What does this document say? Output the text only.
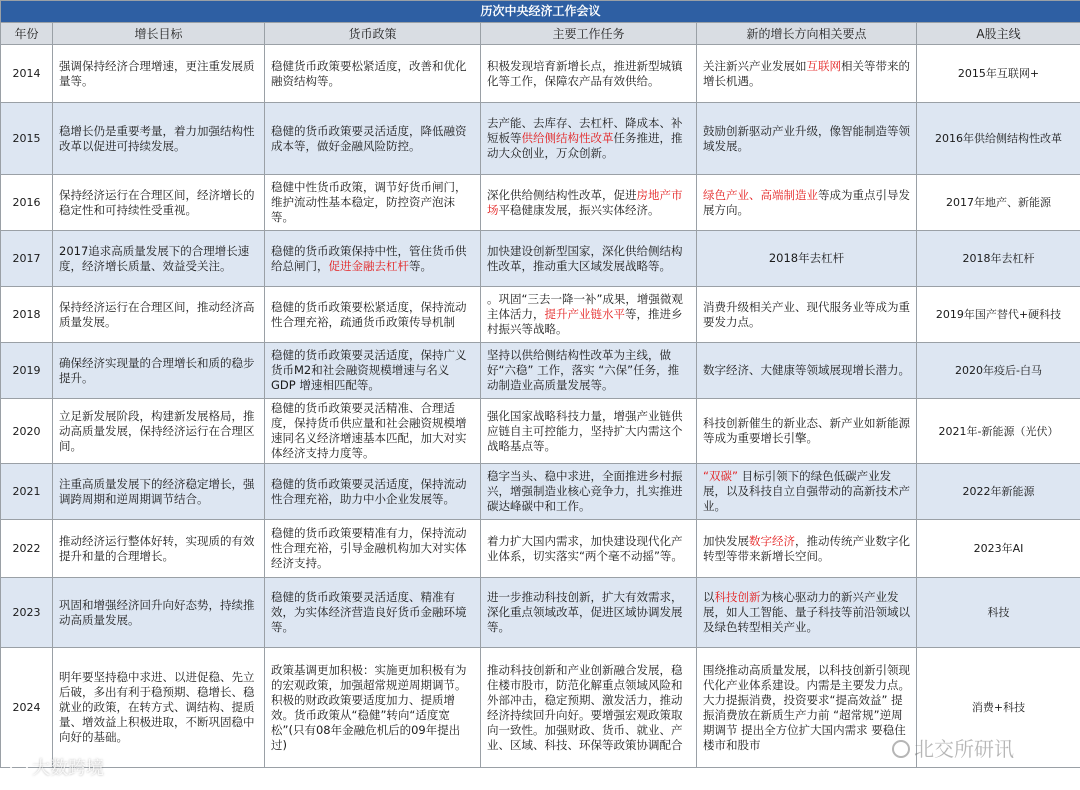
历次中央经济工作会议					
年份	增长目标	货币政策	主要工作任务	新的增长方向相关要点	A股主线
2014	强调保持经济合理增速，更注重发展质量等。	稳健货币政策要松紧适度，改善和优化融资结构等。	积极发现培育新增长点，推进新型城镇化等工作，保障农产品有效供给。	关注新兴产业发展如互联网相关等带来的增长机遇。	2015年互联网+
2015	稳增长仍是重要考量，着力加强结构性改革以促进可持续发展。	稳健的货币政策要灵活适度，降低融资成本等，做好金融风险防控。	去产能、去库存、去杠杆、降成本、补短板等供给侧结构性改革任务推进，推动大众创业，万众创新。	鼓励创新驱动产业升级，像智能制造等领域发展。	2016年供给侧结构性改革
2016	保持经济运行在合理区间，经济增长的稳定性和可持续性受重视。	稳健中性货币政策，调节好货币闸门，维护流动性基本稳定，防控资产泡沫等。	深化供给侧结构性改革，促进房地产市场平稳健康发展，振兴实体经济。	绿色产业、高端制造业等成为重点引导发展方向。	2017年地产、新能源
2017	2017追求高质量发展下的合理增长速度，经济增长质量、效益受关注。	稳健的货币政策保持中性，管住货币供给总闸门，促进金融去杠杆等。	加快建设创新型国家，深化供给侧结构性改革，推动重大区域发展战略等。	2018年去杠杆	2018年去杠杆
2018	保持经济运行在合理区间，推动经济高质量发展。	稳健的货币政策要松紧适度，保持流动性合理充裕，疏通货币政策传导机制	。巩固“三去一降一补”成果，增强微观主体活力，提升产业链水平等，推进乡村振兴等战略。	消费升级相关产业、现代服务业等成为重要发力点。	2019年国产替代+硬科技
2019	确保经济实现量的合理增长和质的稳步提升。	稳健的货币政策要灵活适度，保持广义货币M2和社会融资规模增速与名义 GDP 增速相匹配等。	坚持以供给侧结构性改革为主线，做好“六稳” 工作，落实 “六保”任务，推动制造业高质量发展等。	数字经济、大健康等领域展现增长潜力。	2020年疫后-白马
2020	立足新发展阶段，构建新发展格局，推动高质量发展，保持经济运行在合理区间。	稳健的货币政策要灵活精准、合理适度，保持货币供应量和社会融资规模增速同名义经济增速基本匹配，加大对实体经济支持力度等。	强化国家战略科技力量，增强产业链供应链自主可控能力，坚持扩大内需这个战略基点等。	科技创新催生的新业态、新产业如新能源等成为重要增长引擎。	2021年-新能源（光伏）
2021	注重高质量发展下的经济稳定增长，强调跨周期和逆周期调节结合。	稳健的货币政策要灵活适度，保持流动性合理充裕，助力中小企业发展等。	稳字当头、稳中求进，全面推进乡村振兴，增强制造业核心竞争力，扎实推进碳达峰碳中和工作。	“双碳” 目标引领下的绿色低碳产业发展，以及科技自立自强带动的高新技术产业。	2022年新能源
2022	推动经济运行整体好转，实现质的有效提升和量的合理增长。	稳健的货币政策要精准有力，保持流动性合理充裕，引导金融机构加大对实体经济支持。	着力扩大国内需求，加快建设现代化产业体系，切实落实“两个毫不动摇”等。	加快发展数字经济，推动传统产业数字化转型等带来新增长空间。	2023年AI
2023	巩固和增强经济回升向好态势，持续推动高质量发展。	稳健的货币政策要灵活适度、精准有效，为实体经济营造良好货币金融环境等。	进一步推动科技创新，扩大有效需求，深化重点领域改革，促进区域协调发展等。	以科技创新为核心驱动力的新兴产业发展，如人工智能、量子科技等前沿领域以及绿色转型相关产业。	科技
2024	明年要坚持稳中求进、以进促稳、先立后破，多出有利于稳预期、稳增长、稳就业的政策，在转方式、调结构、提质量、增效益上积极进取，不断巩固稳中向好的基础。	政策基调更加积极：实施更加积极有为的宏观政策，加强超常规逆周期调节。积极的财政政策要适度加力、提质增效。货币政策从“稳健”转向“适度宽松”(只有08年金融危机后的09年提出过)	推动科技创新和产业创新融合发展，稳住楼市股市，防范化解重点领域风险和外部冲击，稳定预期、激发活力，推动经济持续回升向好。要增强宏观政策取向一致性。加强财政、货币、就业、产业、区域、科技、环保等政策协调配合	围绕推动高质量发展，以科技创新引领现代化产业体系建设。内需是主要发力点。大力提振消费，投资要求“提高效益” 提振消费放在新质生产力前 “超常规”逆周期调节 提出全方位扩大国内需求 要稳住楼市和股市	消费+科技
大数跨境
北交所研讯
